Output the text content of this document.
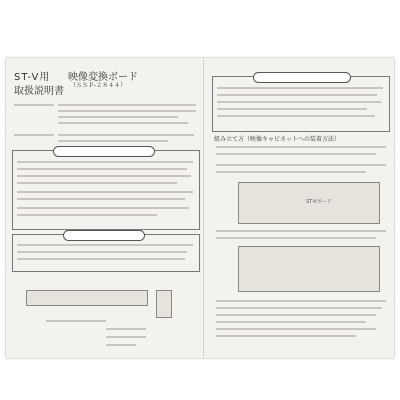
ST-V用 映像変換ボード
（ＳＳＰ-２８４４）
取扱説明書
組み立て方（映像キャビネットへの装着方法）
ST-Vボード
